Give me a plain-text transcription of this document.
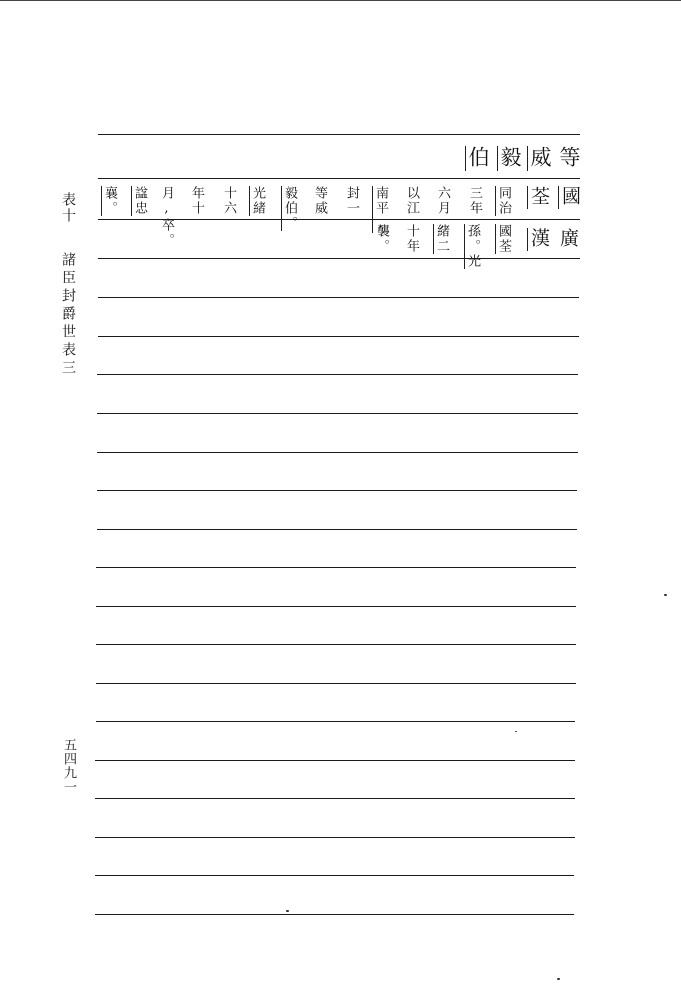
表十
諸臣封爵世表三
五四九一
等
威
毅
伯
國
荃
同治
三年
六月,
以江
南平,
封一
等威
毅伯。
光緒
十六
年十
月,卒。
諡忠
襄。
廣
漢
國荃
孫。光
緒二
十年
襲。
